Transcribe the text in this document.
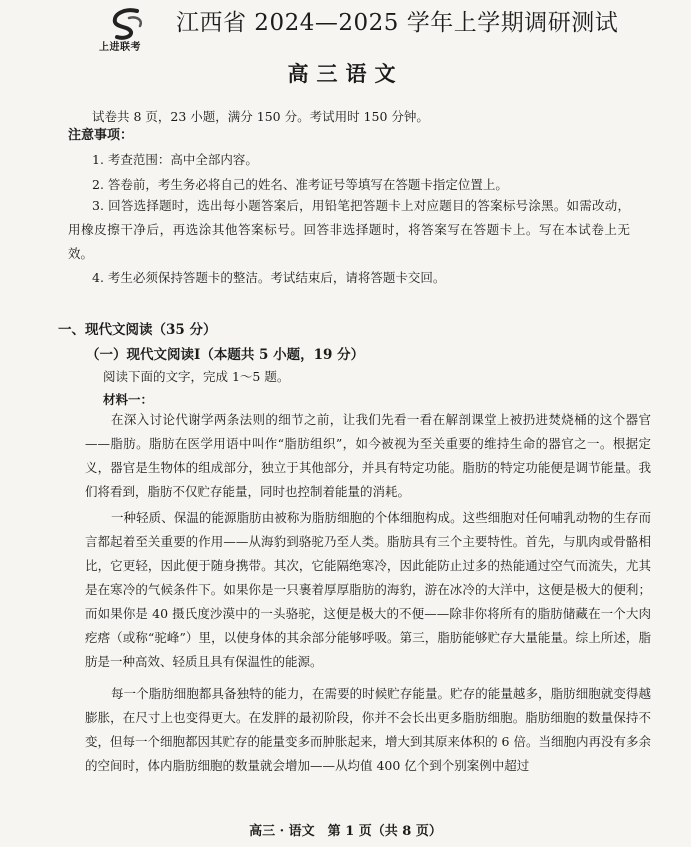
上进联考
江西省 2024—2025 学年上学期调研测试
高三语文
试卷共 8 页，23 小题，满分 150 分。考试用时 150 分钟。
注意事项：
1. 考查范围：高中全部内容。
2. 答卷前，考生务必将自己的姓名、准考证号等填写在答题卡指定位置上。
3. 回答选择题时，选出每小题答案后，用铅笔把答题卡上对应题目的答案标号涂黑。如需改动，用橡皮擦干净后，再选涂其他答案标号。回答非选择题时，将答案写在答题卡上。写在本试卷上无效。
4. 考生必须保持答题卡的整洁。考试结束后，请将答题卡交回。
一、现代文阅读（35 分）
（一）现代文阅读Ⅰ（本题共 5 小题，19 分）
阅读下面的文字，完成 1～5 题。
材料一：
在深入讨论代谢学两条法则的细节之前，让我们先看一看在解剖课堂上被扔进焚烧桶的这个器官——脂肪。脂肪在医学用语中叫作“脂肪组织”，如今被视为至关重要的维持生命的器官之一。根据定义，器官是生物体的组成部分，独立于其他部分，并具有特定功能。脂肪的特定功能便是调节能量。我们将看到，脂肪不仅贮存能量，同时也控制着能量的消耗。
一种轻质、保温的能源脂肪由被称为脂肪细胞的个体细胞构成。这些细胞对任何哺乳动物的生存而言都起着至关重要的作用——从海豹到骆驼乃至人类。脂肪具有三个主要特性。首先，与肌肉或骨骼相比，它更轻，因此便于随身携带。其次，它能隔绝寒冷，因此能防止过多的热能通过空气而流失，尤其是在寒冷的气候条件下。如果你是一只裹着厚厚脂肪的海豹，游在冰冷的大洋中，这便是极大的便利；而如果你是 40 摄氏度沙漠中的一头骆驼，这便是极大的不便——除非你将所有的脂肪储藏在一个大肉疙瘩（或称“驼峰”）里，以使身体的其余部分能够呼吸。第三，脂肪能够贮存大量能量。综上所述，脂肪是一种高效、轻质且具有保温性的能源。
每一个脂肪细胞都具备独特的能力，在需要的时候贮存能量。贮存的能量越多，脂肪细胞就变得越膨胀，在尺寸上也变得更大。在发胖的最初阶段，你并不会长出更多脂肪细胞。脂肪细胞的数量保持不变，但每一个细胞都因其贮存的能量变多而肿胀起来，增大到其原来体积的 6 倍。当细胞内再没有多余的空间时，体内脂肪细胞的数量就会增加——从均值 400 亿个到个别案例中超过
高三 · 语文　第 1 页（共 8 页）
